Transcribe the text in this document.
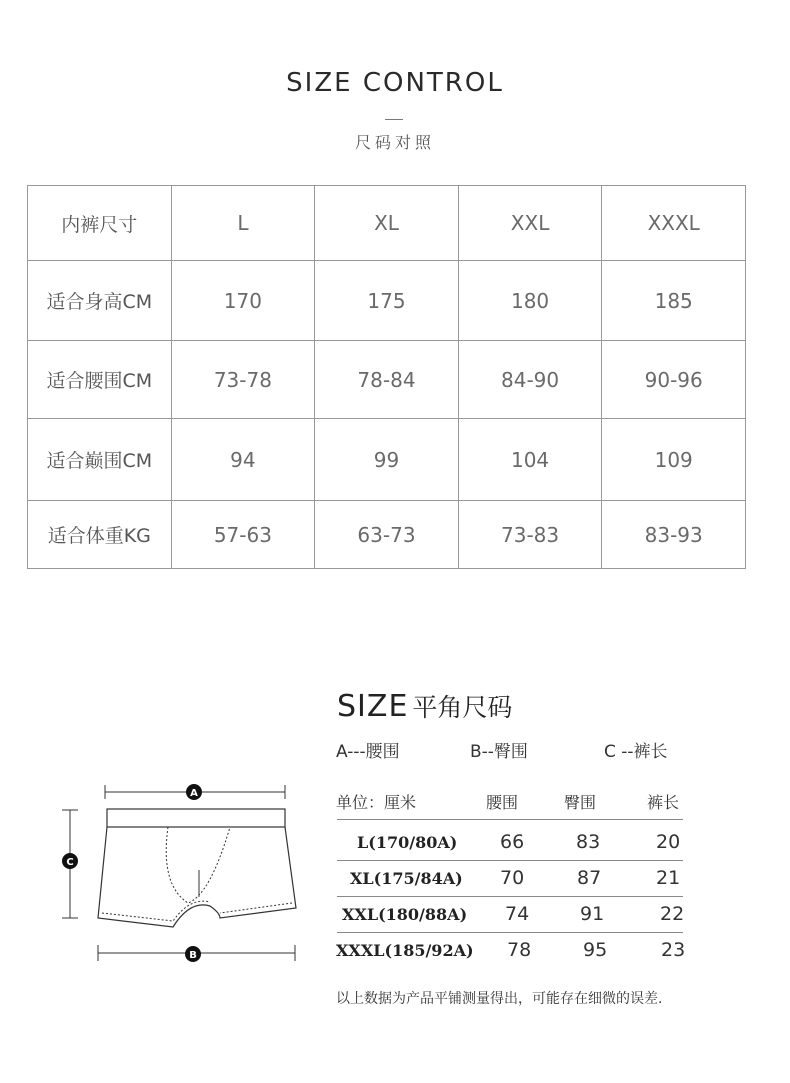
SIZE CONTROL
尺码对照
内裤尺寸	L	XL	XXL	XXXL
适合身高CM	170	175	180	185
适合腰围CM	73-78	78-84	84-90	90-96
适合巅围CM	94	99	104	109
适合体重KG	57-63	63-73	73-83	83-93
A
C
B
SIZE 平角尺码
A---腰围	B--臀围	C --裤长
单位：厘米	腰围	臀围	裤长
L(170/80A) 66	83	20
XL(175/84A) 70	87	21
XXL(180/88A) 74	91	22
XXXL(185/92A) 78	95	23
以上数据为产品平铺测量得出，可能存在细微的误差.
